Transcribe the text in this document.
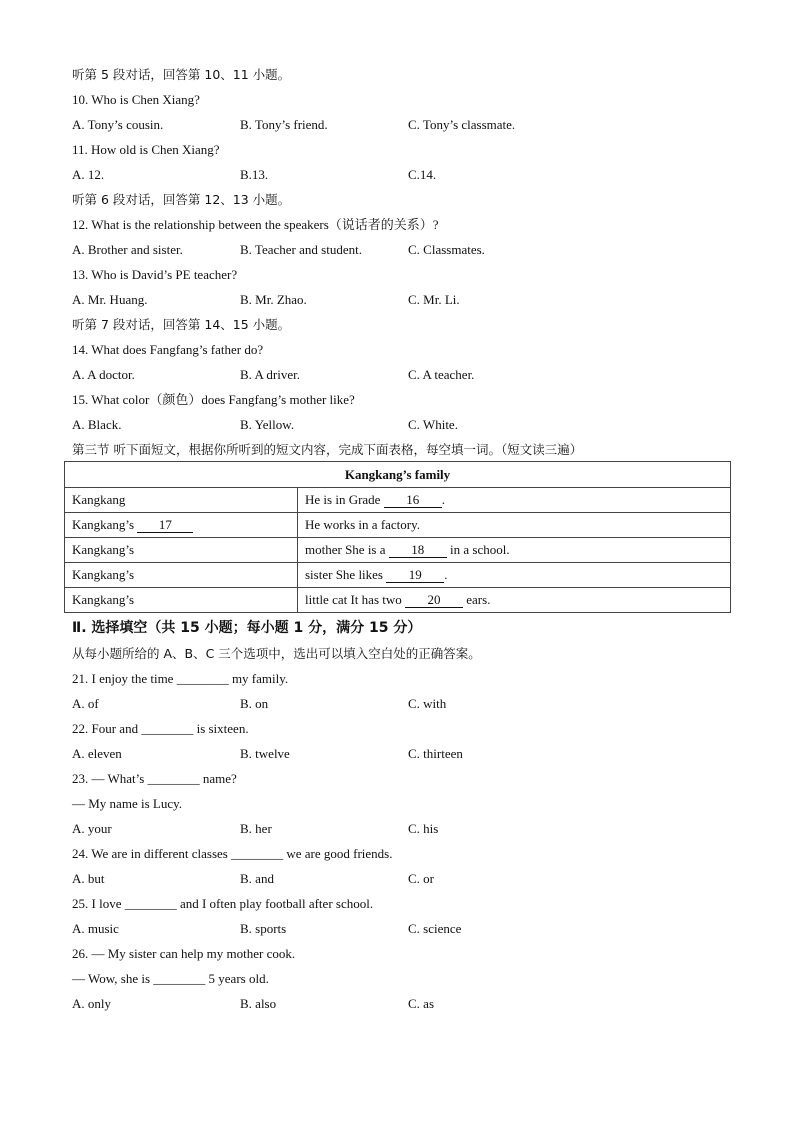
听第 5 段对话，回答第 10、11 小题。
10. Who is Chen Xiang?
A. Tony’s cousin.	B. Tony’s friend.	C. Tony’s classmate.
11. How old is Chen Xiang?
A. 12.	B.13.	C.14.
听第 6 段对话，回答第 12、13 小题。
12. What is the relationship between the speakers（说话者的关系）?
A. Brother and sister.	B. Teacher and student.	C. Classmates.
13. Who is David’s PE teacher?
A. Mr. Huang.	B. Mr. Zhao.	C. Mr. Li.
听第 7 段对话，回答第 14、15 小题。
14. What does Fangfang’s father do?
A. A doctor.	B. A driver.	C. A teacher.
15. What color（颜色）does Fangfang’s mother like?
A. Black.	B. Yellow.	C. White.
第三节 听下面短文，根据你所听到的短文内容，完成下面表格，每空填一词。（短文读三遍）
Kangkang’s family	
Kangkang	He is in Grade 16 .
Kangkang’s 17	He works in a factory.
Kangkang’s	mother She is a 18 in a school.
Kangkang’s	sister She likes 19 .
Kangkang’s	little cat It has two 20 ears.
Ⅱ. 选择填空（共 15 小题；每小题 1 分，满分 15 分）
从每小题所给的 A、B、C 三个选项中，选出可以填入空白处的正确答案。
21. I enjoy the time ________ my family.
A. of	B. on	C. with
22. Four and ________ is sixteen.
A. eleven	B. twelve	C. thirteen
23. — What’s ________ name?
— My name is Lucy.
A. your	B. her	C. his
24. We are in different classes ________ we are good friends.
A. but	B. and	C. or
25. I love ________ and I often play football after school.
A. music	B. sports	C. science
26. — My sister can help my mother cook.
— Wow, she is ________ 5 years old.
A. only	B. also	C. as
